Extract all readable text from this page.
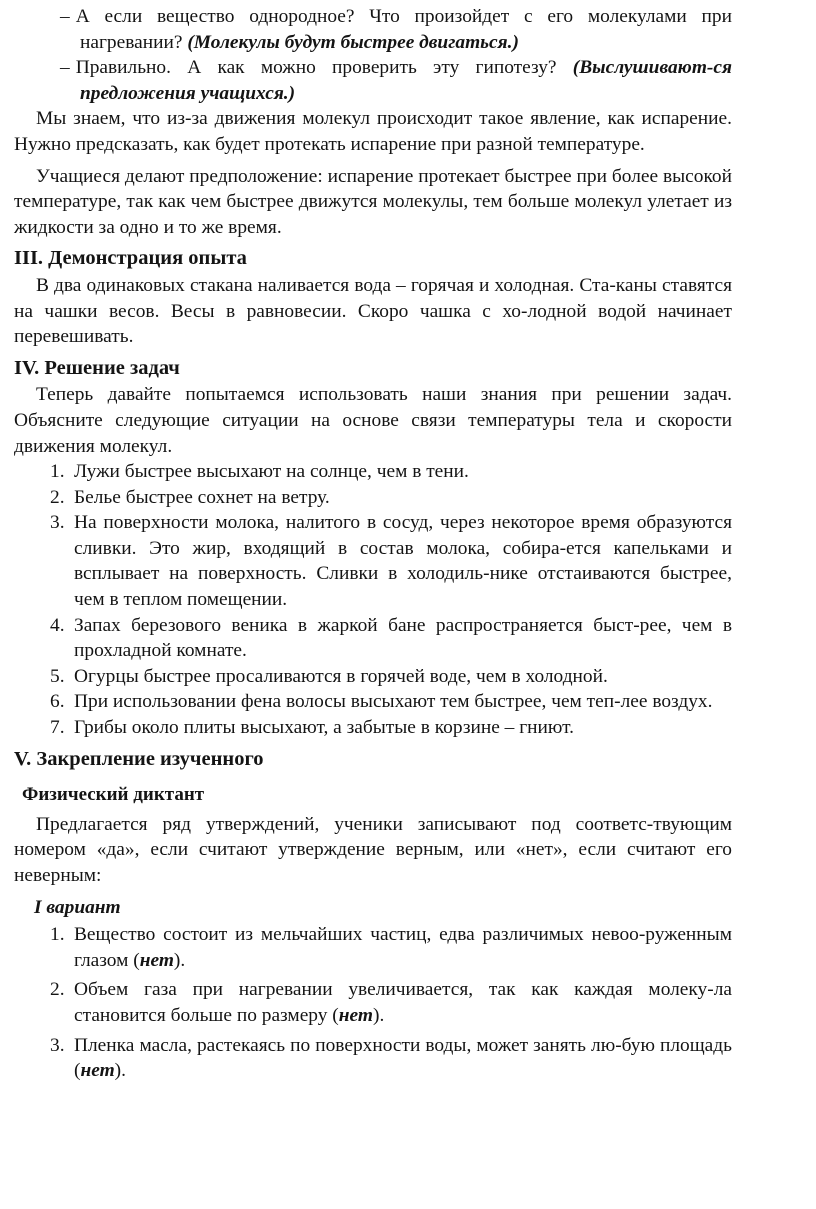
– А если вещество однородное? Что произойдет с его молекулами при нагревании? (Молекулы будут быстрее двигаться.)

– Правильно. А как можно проверить эту гипотезу? (Выслушивают-ся предложения учащихся.)

Мы знаем, что из-за движения молекул происходит такое явление, как испарение. Нужно предсказать, как будет протекать испарение при разной температуре.

Учащиеся делают предположение: испарение протекает быстрее при более высокой температуре, так как чем быстрее движутся молекулы, тем больше молекул улетает из жидкости за одно и то же время.

III. Демонстрация опыта

В два одинаковых стакана наливается вода – горячая и холодная. Ста-каны ставятся на чашки весов. Весы в равновесии. Скоро чашка с хо-лодной водой начинает перевешивать.

IV. Решение задач

Теперь давайте попытаемся использовать наши знания при решении задач. Объясните следующие ситуации на основе связи температуры тела и скорости движения молекул.

1. Лужи быстрее высыхают на солнце, чем в тени.
2. Белье быстрее сохнет на ветру.
3. На поверхности молока, налитого в сосуд, через некоторое время образуются сливки. Это жир, входящий в состав молока, собира-ется капельками и всплывает на поверхность. Сливки в холодиль-нике отстаиваются быстрее, чем в теплом помещении.
4. Запах березового веника в жаркой бане распространяется быст-рее, чем в прохладной комнате.
5. Огурцы быстрее просаливаются в горячей воде, чем в холодной.
6. При использовании фена волосы высыхают тем быстрее, чем теп-лее воздух.
7. Грибы около плиты высыхают, а забытые в корзине – гниют.
V. Закрепление изученного
Физический диктант

Предлагается ряд утверждений, ученики записывают под соответс-твующим номером «да», если считают утверждение верным, или «нет», если считают его неверным:

I вариант
1. Вещество состоит из мельчайших частиц, едва различимых невоо-руженным глазом (нет).
2. Объем газа при нагревании увеличивается, так как каждая молеку-ла становится больше по размеру (нет).
3. Пленка масла, растекаясь по поверхности воды, может занять лю-бую площадь (нет).
